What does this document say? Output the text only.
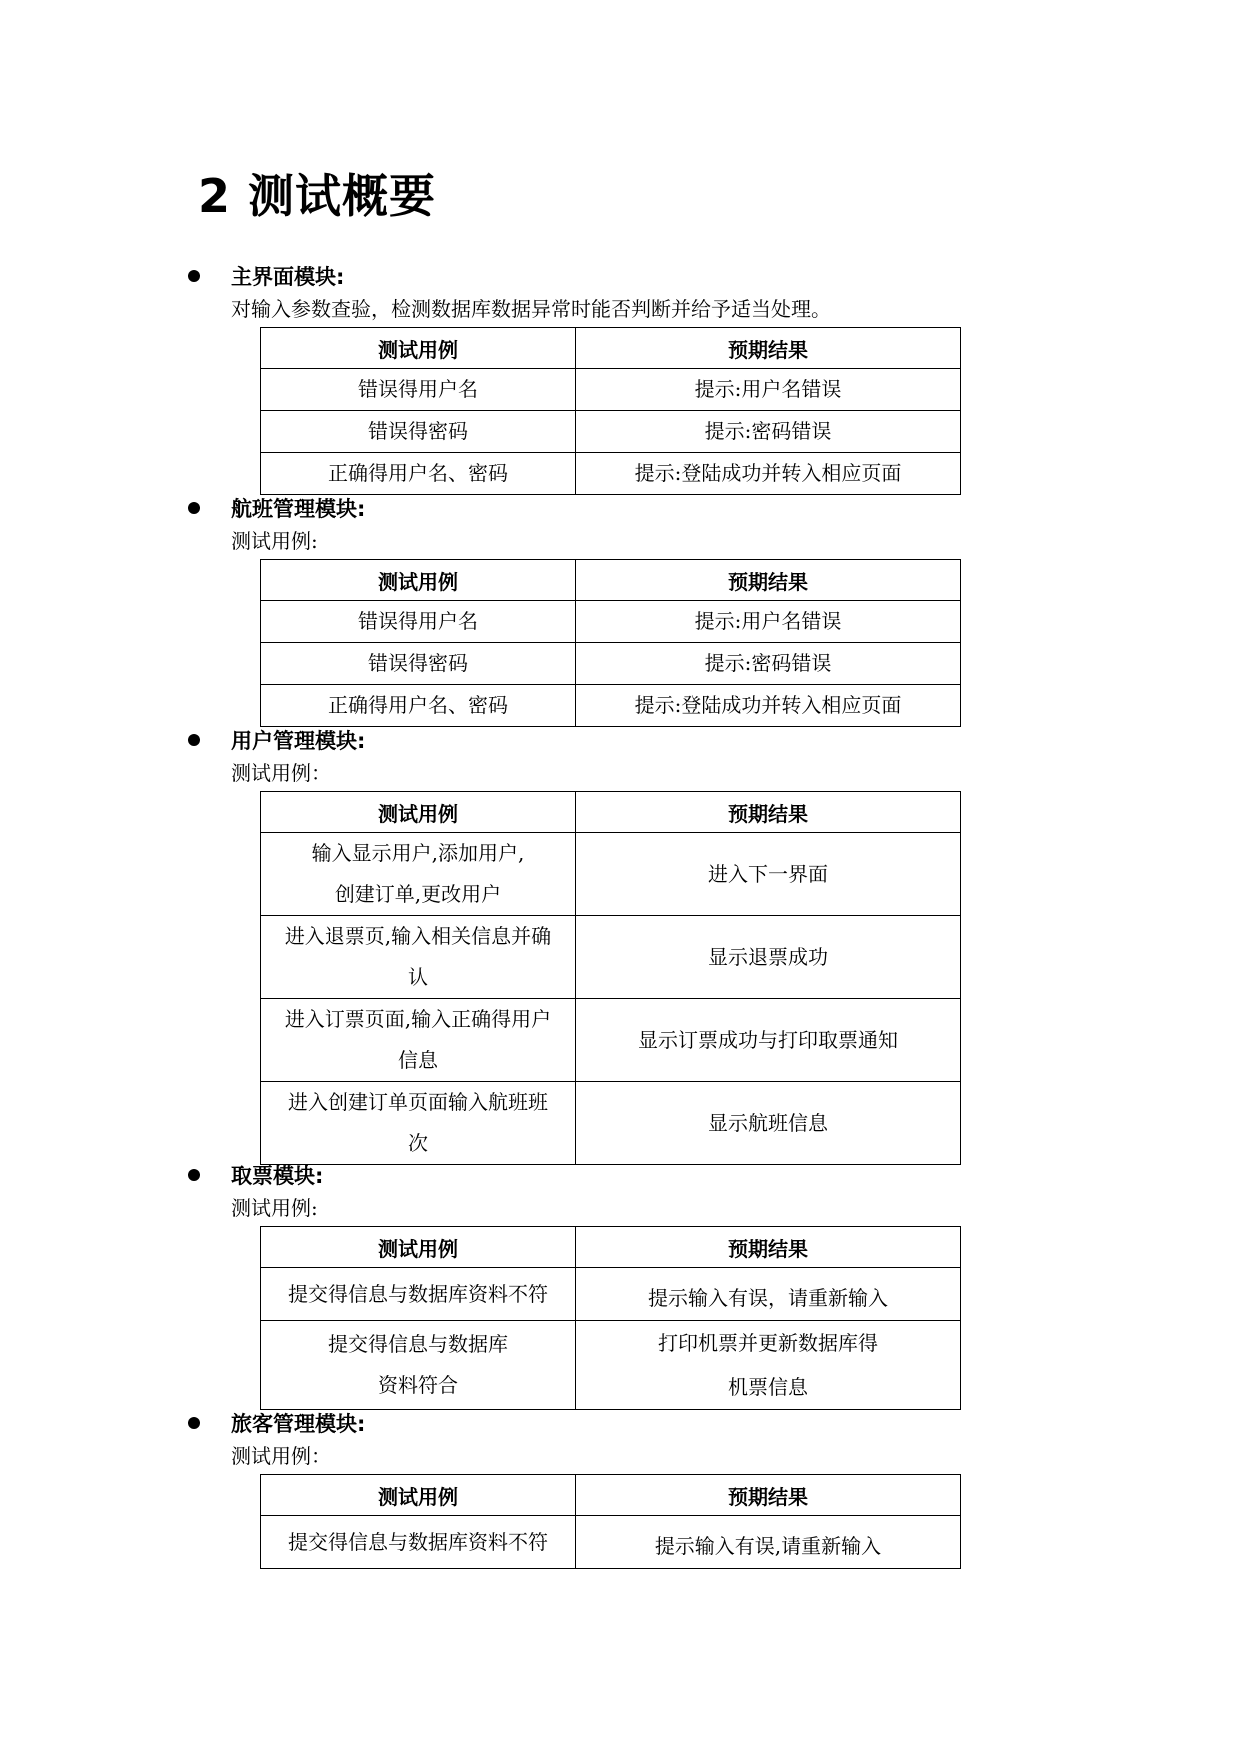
2 测试概要

主界面模块:

对输入参数查验，检测数据库数据异常时能否判断并给予适当处理。

测试用例	预期结果
错误得用户名	提示:用户名错误
错误得密码	提示:密码错误
正确得用户名、密码	提示:登陆成功并转入相应页面

航班管理模块:

测试用例:

测试用例	预期结果
错误得用户名	提示:用户名错误
错误得密码	提示:密码错误
正确得用户名、密码	提示:登陆成功并转入相应页面

用户管理模块:

测试用例：

测试用例	预期结果
输入显示用户,添加用户,
创建订单,更改用户	进入下一界面
进入退票页,输入相关信息并确
认	显示退票成功
进入订票页面,输入正确得用户
信息	显示订票成功与打印取票通知
进入创建订单页面输入航班班
次	显示航班信息

取票模块:

测试用例:

测试用例	预期结果
提交得信息与数据库资料不符	提示输入有误，请重新输入
提交得信息与数据库
资料符合	打印机票并更新数据库得
机票信息

旅客管理模块:

测试用例：

测试用例	预期结果
提交得信息与数据库资料不符	提示输入有误,请重新输入
